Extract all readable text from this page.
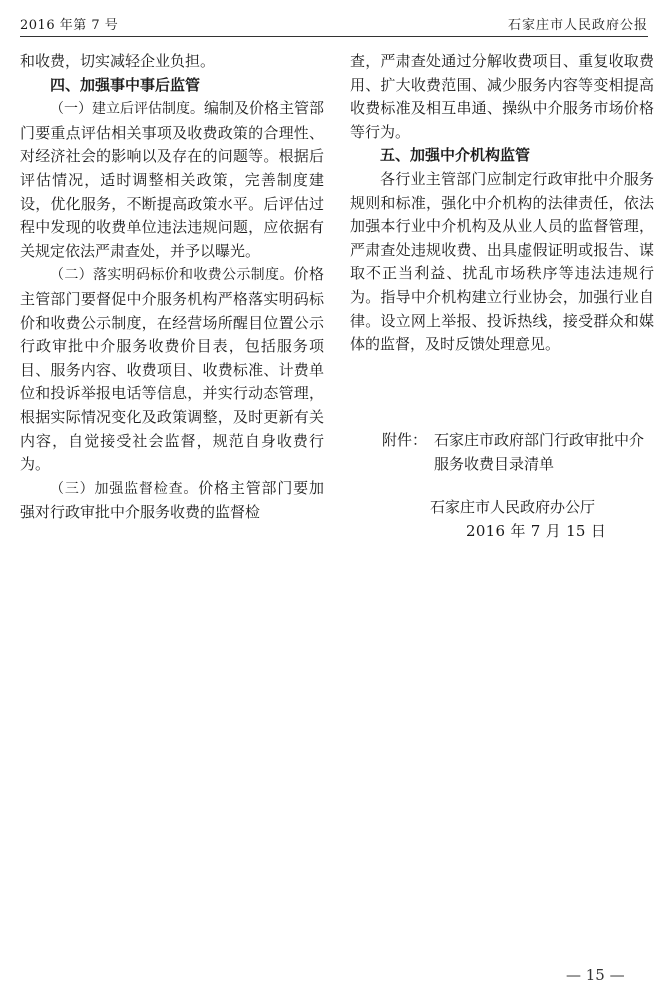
2016 年第 7 号	石家庄市人民政府公报

和收费，切实减轻企业负担。

四、加强事中事后监管

（一）建立后评估制度。编制及价格主管部门要重点评估相关事项及收费政策的合理性、对经济社会的影响以及存在的问题等。根据后评估情况，适时调整相关政策，完善制度建设，优化服务，不断提高政策水平。后评估过程中发现的收费单位违法违规问题，应依据有关规定依法严肃查处，并予以曝光。

（二）落实明码标价和收费公示制度。价格主管部门要督促中介服务机构严格落实明码标价和收费公示制度，在经营场所醒目位置公示行政审批中介服务收费价目表，包括服务项目、服务内容、收费项目、收费标准、计费单位和投诉举报电话等信息，并实行动态管理，根据实际情况变化及政策调整，及时更新有关内容，自觉接受社会监督，规范自身收费行为。

（三）加强监督检查。价格主管部门要加强对行政审批中介服务收费的监督检

查，严肃查处通过分解收费项目、重复收取费用、扩大收费范围、减少服务内容等变相提高收费标准及相互串通、操纵中介服务市场价格等行为。

五、加强中介机构监管

各行业主管部门应制定行政审批中介服务规则和标准，强化中介机构的法律责任，依法加强本行业中介机构及从业人员的监督管理，严肃查处违规收费、出具虚假证明或报告、谋取不正当利益、扰乱市场秩序等违法违规行为。指导中介机构建立行业协会，加强行业自律。设立网上举报、投诉热线，接受群众和媒体的监督，及时反馈处理意见。

附件： 石家庄市政府部门行政审批中介服务收费目录清单
石家庄市人民政府办公厅
2016 年 7 月 15 日
— 15 —
